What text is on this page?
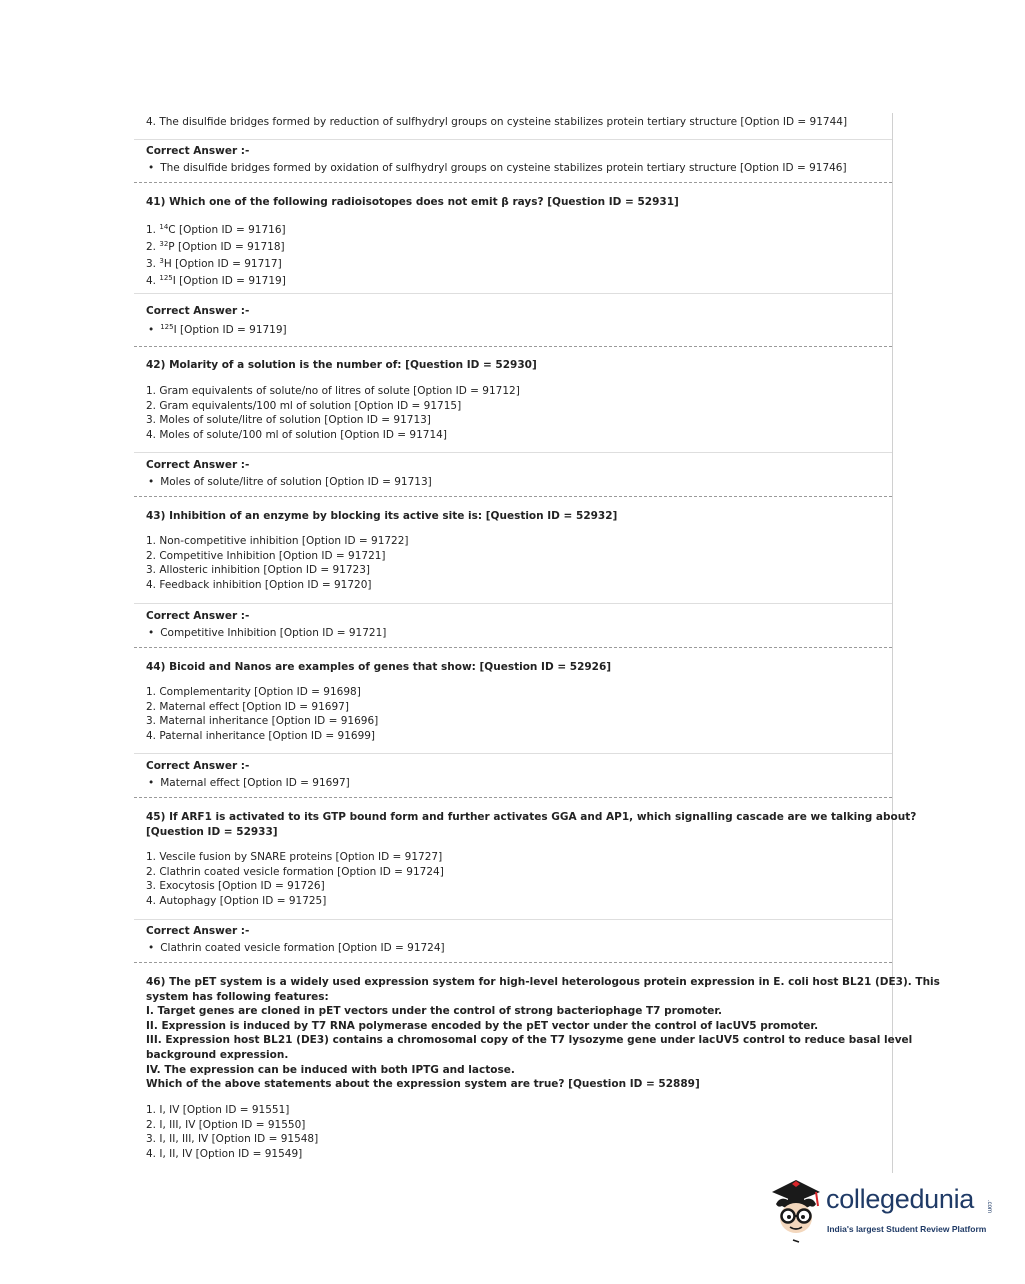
4. The disulfide bridges formed by reduction of sulfhydryl groups on cysteine stabilizes protein tertiary structure [Option ID = 91744]
Correct Answer :-
• The disulfide bridges formed by oxidation of sulfhydryl groups on cysteine stabilizes protein tertiary structure [Option ID = 91746]
41) Which one of the following radioisotopes does not emit β rays? [Question ID = 52931]
1. $^{14}$C [Option ID = 91716]
2. $^{32}$P [Option ID = 91718]
3. $^3$H [Option ID = 91717]
4. $^{125}$I [Option ID = 91719]
Correct Answer :-
• $^{125}$I [Option ID = 91719]
42) Molarity of a solution is the number of: [Question ID = 52930]
1. Gram equivalents of solute/no of litres of solute [Option ID = 91712]
2. Gram equivalents/100 ml of solution [Option ID = 91715]
3. Moles of solute/litre of solution [Option ID = 91713]
4. Moles of solute/100 ml of solution [Option ID = 91714]
Correct Answer :-
• Moles of solute/litre of solution [Option ID = 91713]
43) Inhibition of an enzyme by blocking its active site is: [Question ID = 52932]
1. Non-competitive inhibition [Option ID = 91722]
2. Competitive Inhibition [Option ID = 91721]
3. Allosteric inhibition [Option ID = 91723]
4. Feedback inhibition [Option ID = 91720]
Correct Answer :-
• Competitive Inhibition [Option ID = 91721]
44) Bicoid and Nanos are examples of genes that show: [Question ID = 52926]
1. Complementarity [Option ID = 91698]
2. Maternal effect [Option ID = 91697]
3. Maternal inheritance [Option ID = 91696]
4. Paternal inheritance [Option ID = 91699]
Correct Answer :-
• Maternal effect [Option ID = 91697]
45) If ARF1 is activated to its GTP bound form and further activates GGA and AP1, which signalling cascade are we talking about?
[Question ID = 52933]
1. Vescile fusion by SNARE proteins [Option ID = 91727]
2. Clathrin coated vesicle formation [Option ID = 91724]
3. Exocytosis [Option ID = 91726]
4. Autophagy [Option ID = 91725]
Correct Answer :-
• Clathrin coated vesicle formation [Option ID = 91724]
46) The pET system is a widely used expression system for high-level heterologous protein expression in E. coli host BL21 (DE3). This
system has following features:
I. Target genes are cloned in pET vectors under the control of strong bacteriophage T7 promoter.
II. Expression is induced by T7 RNA polymerase encoded by the pET vector under the control of lacUV5 promoter.
III. Expression host BL21 (DE3) contains a chromosomal copy of the T7 lysozyme gene under lacUV5 control to reduce basal level
background expression.
IV. The expression can be induced with both IPTG and lactose.
Which of the above statements about the expression system are true? [Question ID = 52889]
1. I, IV [Option ID = 91551]
2. I, III, IV [Option ID = 91550]
3. I, II, III, IV [Option ID = 91548]
4. I, II, IV [Option ID = 91549]
collegedunia .com
India's largest Student Review Platform
